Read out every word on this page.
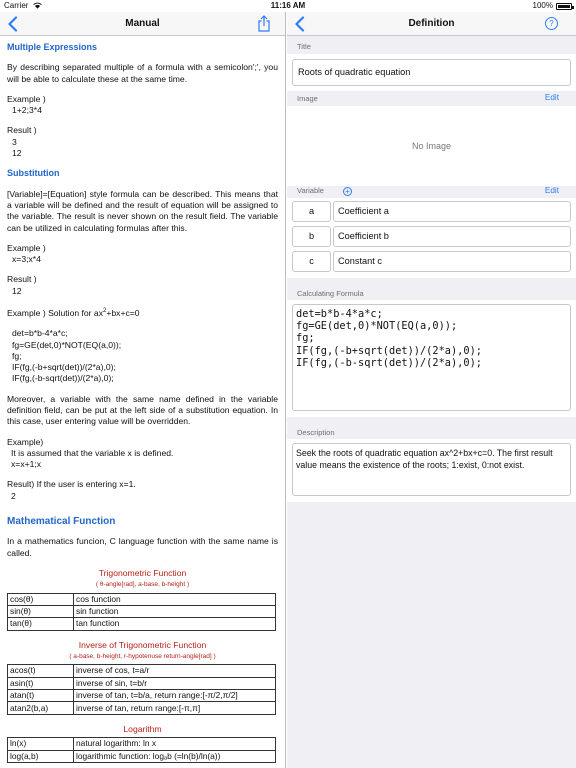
Carrier	11:16 AM	100%
Manual
Multiple Expressions

By describing separated multiple of a formula with a semicolon';', you will be able to calculate these at the same time.

Example )
1+2;3*4
Result )
3
12
Substitution

[Variable]=[Equation] style formula can be described. This means that a variable will be defined and the result of equation will be assigned to the variable. The result is never shown on the result field. The variable can be utilized in calculating formulas after this.

Example )
x=3;x*4
Result )
12
Example ) Solution for $ax^2+bx+c=0$
det=b*b-4*a*c;
fg=GE(det,0)*NOT(EQ(a,0));
fg;
IF(fg,(-b+sqrt(det))/(2*a),0);
IF(fg,(-b-sqrt(det))/(2*a),0);

Moreover, a variable with the same name defined in the variable definition field, can be put at the left side of a substitution equation. In this case, user entering value will be overridden.

Example)
It is assumed that the variable x is defined.
x=x+1;x
Result) If the user is entering x=1.
2
Mathematical Function

In a mathematics funcion, C language function with the same name is called.

Trigonometric Function
( θ-angle[rad], a-base, b-height )
cos(θ)	cos function
sin(θ)	sin function
tan(θ)	tan function
Inverse of Trigonometric Function
( a-base, b-height, r-hypotenuse return-angle[rad] )
acos(t)	inverse of cos, t=a/r
asin(t)	inverse of sin, t=b/r
atan(t)	inverse of tan, t=b/a, return range:[-π/2,π/2]
atan2(b,a)	inverse of tan, return range:[-π,π]
Logarithm
ln(x)	natural logarithm: ln x
log(a,b)	logarithmic function: logₐb (=ln(b)/ln(a))
Definition	?
Title
Roots of quadratic equation
Image	Edit
No Image
Variable	+	Edit
a	Coefficient a
b	Coefficient b
c	Constant c
Calculating Formula
det=b*b-4*a*c;
fg=GE(det,0)*NOT(EQ(a,0));
fg;
IF(fg,(-b+sqrt(det))/(2*a),0);
IF(fg,(-b-sqrt(det))/(2*a),0);
Description
Seek the roots of quadratic equation ax^2+bx+c=0. The first result value means the existence of the roots; 1:exist, 0:not exist.
